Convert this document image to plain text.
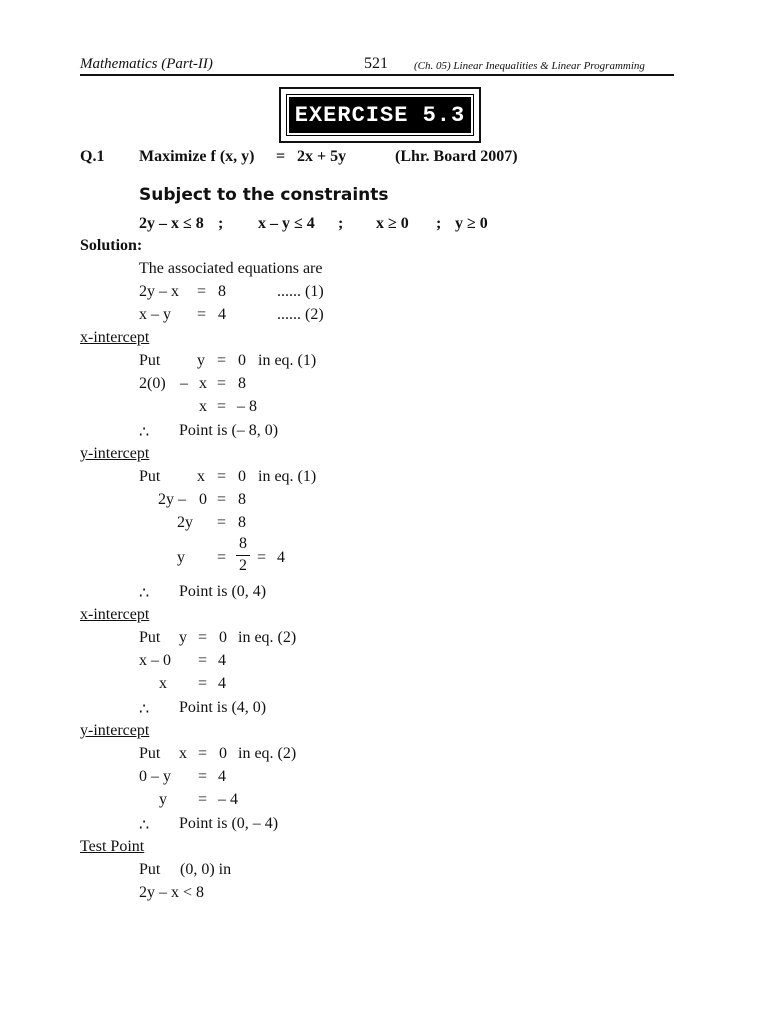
Mathematics (Part-II)	521 (Ch. 05) Linear Inequalities & Linear Programming
EXERCISE 5.3
Q.1 Maximize f (x, y) = 2x + 5y	(Lhr. Board 2007)
Subject to the constraints
2y – x ≤ 8 ; x – y ≤ 4 ; x ≥ 0 ; y ≥ 0
Solution:
The associated equations are
2y – x = 8	...... (1)
x – y = 4	...... (2)
x-intercept
Put y = 0 in eq. (1)
2(0) – x = 8
x = – 8
∴ Point is (– 8, 0)
y-intercept
Put x = 0 in eq. (1)
2y – 0 = 8
2y = 8
y =
8
2 = 4
∴ Point is (0, 4)
x-intercept
Put y = 0 in eq. (2)
x – 0 = 4
x = 4
∴ Point is (4, 0)
y-intercept
Put x = 0 in eq. (2)
0 – y = 4
y = – 4
∴ Point is (0, – 4)
Test Point
Put (0, 0) in
2y – x < 8
